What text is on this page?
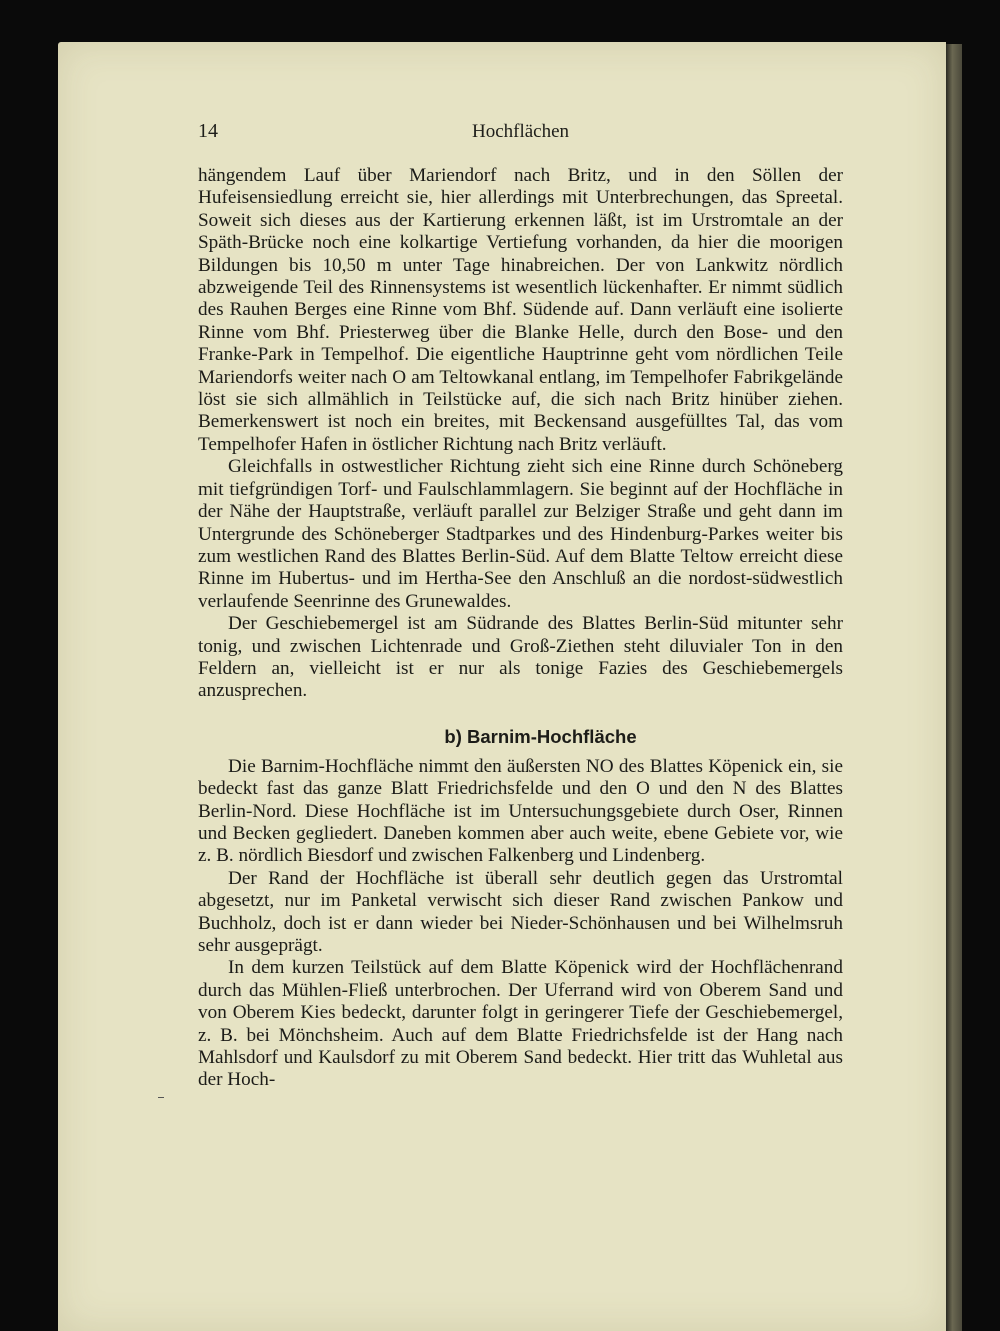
14	Hochflächen

hängendem Lauf über Mariendorf nach Britz, und in den Söllen der Hufeisensiedlung erreicht sie, hier allerdings mit Unterbrechungen, das Spreetal. Soweit sich dieses aus der Kartierung erkennen läßt, ist im Urstromtale an der Späth-Brücke noch eine kolkartige Vertiefung vorhanden, da hier die moorigen Bildungen bis 10,50 m unter Tage hinabreichen. Der von Lankwitz nördlich abzweigende Teil des Rinnensystems ist wesentlich lückenhafter. Er nimmt südlich des Rauhen Berges eine Rinne vom Bhf. Südende auf. Dann verläuft eine isolierte Rinne vom Bhf. Priesterweg über die Blanke Helle, durch den Bose- und den Franke-Park in Tempelhof. Die eigentliche Hauptrinne geht vom nördlichen Teile Mariendorfs weiter nach O am Teltowkanal entlang, im Tempelhofer Fabrikgelände löst sie sich allmählich in Teilstücke auf, die sich nach Britz hinüber ziehen. Bemerkenswert ist noch ein breites, mit Beckensand ausgefülltes Tal, das vom Tempelhofer Hafen in östlicher Richtung nach Britz verläuft.

Gleichfalls in ostwestlicher Richtung zieht sich eine Rinne durch Schöneberg mit tiefgründigen Torf- und Faulschlammlagern. Sie beginnt auf der Hochfläche in der Nähe der Hauptstraße, verläuft parallel zur Belziger Straße und geht dann im Untergrunde des Schöneberger Stadtparkes und des Hindenburg-Parkes weiter bis zum westlichen Rand des Blattes Berlin-Süd. Auf dem Blatte Teltow erreicht diese Rinne im Hubertus- und im Hertha-See den Anschluß an die nordost-südwestlich verlaufende Seenrinne des Grunewaldes.

Der Geschiebemergel ist am Südrande des Blattes Berlin-Süd mitunter sehr tonig, und zwischen Lichtenrade und Groß-Ziethen steht diluvialer Ton in den Feldern an, vielleicht ist er nur als tonige Fazies des Geschiebemergels anzusprechen.

b) Barnim-Hochfläche

Die Barnim-Hochfläche nimmt den äußersten NO des Blattes Köpenick ein, sie bedeckt fast das ganze Blatt Friedrichsfelde und den O und den N des Blattes Berlin-Nord. Diese Hochfläche ist im Untersuchungsgebiete durch Oser, Rinnen und Becken gegliedert. Daneben kommen aber auch weite, ebene Gebiete vor, wie z. B. nördlich Biesdorf und zwischen Falkenberg und Lindenberg.

Der Rand der Hochfläche ist überall sehr deutlich gegen das Urstromtal abgesetzt, nur im Panketal verwischt sich dieser Rand zwischen Pankow und Buchholz, doch ist er dann wieder bei Nieder-Schönhausen und bei Wilhelmsruh sehr ausgeprägt.

In dem kurzen Teilstück auf dem Blatte Köpenick wird der Hochflächenrand durch das Mühlen-Fließ unterbrochen. Der Uferrand wird von Oberem Sand und von Oberem Kies bedeckt, darunter folgt in geringerer Tiefe der Geschiebemergel, z. B. bei Mönchsheim. Auch auf dem Blatte Friedrichsfelde ist der Hang nach Mahlsdorf und Kaulsdorf zu mit Oberem Sand bedeckt. Hier tritt das Wuhletal aus der Hoch-
